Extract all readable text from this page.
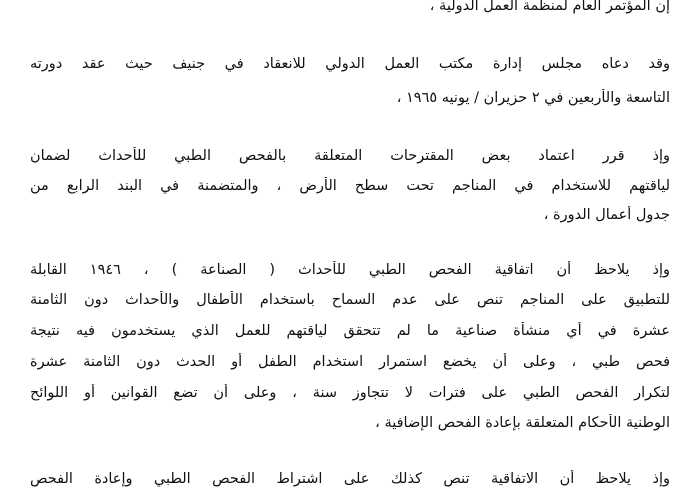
إن المؤتمر العام لمنظمة العمل الدولية ،
وقد دعاه مجلس إدارة مكتب العمل الدولي للانعقاد في جنيف حيث عقد دورته
التاسعة والأربعين في ٢ حزيران / يونيه ١٩٦٥ ،
وإذ قرر اعتماد بعض المقترحات المتعلقة بالفحص الطبي للأحداث لضمان
لياقتهم للاستخدام في المناجم تحت سطح الأرض ، والمتضمنة في البند الرابع من
جدول أعمال الدورة ،
وإذ يلاحظ أن اتفاقية الفحص الطبي للأحداث ( الصناعة ) ، ١٩٤٦ القابلة
للتطبيق على المناجم تنص على عدم السماح باستخدام الأطفال والأحداث دون الثامنة
عشرة في أي منشأة صناعية ما لم تتحقق لياقتهم للعمل الذي يستخدمون فيه نتيجة
فحص طبي ، وعلى أن يخضع استمرار استخدام الطفل أو الحدث دون الثامنة عشرة
لتكرار الفحص الطبي على فترات لا تتجاوز سنة ، وعلى أن تضع القوانين أو اللوائح
الوطنية الأحكام المتعلقة بإعادة الفحص الإضافية ،
وإذ يلاحظ أن الاتفاقية تنص كذلك على اشتراط الفحص الطبي وإعادة الفحص
